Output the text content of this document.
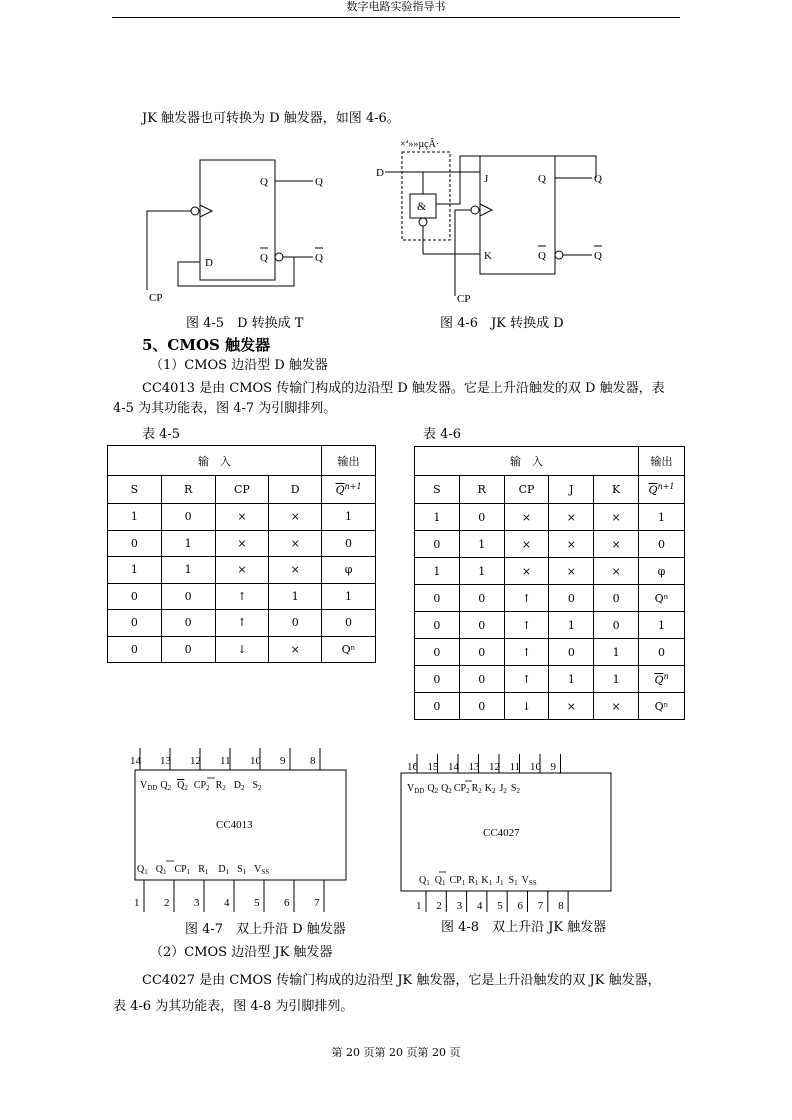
数字电路实验指导书
JK 触发器也可转换为 D 触发器，如图 4-6。
Q	Q
Q	Q
D
CP
图 4-5　D 转换成 T
×ª»»µçÂ·
D
&
J
K
Q	Q
Q	Q
CP
图 4-6　JK 转换成 D
5、CMOS 触发器
（1）CMOS 边沿型 D 触发器
CC4013 是由 CMOS 传输门构成的边沿型 D 触发器。它是上升沿触发的双 D 触发器，表
4-5 为其功能表，图 4-7 为引脚排列。
表 4-5	表 4-6
输　入				输出
S	R	CP	D	$\overline{Q}^{n+1}$
1	0	×	×	1
0	1	×	×	0
1	1	×	×	φ
0	0	↑	1	1
0	0	↑	0	0
0	0	↓	×	Qⁿ
输　入					输出
S	R	CP	J	K	$\overline{Q}^{n+1}$
1	0	×	×	×	1
0	1	×	×	×	0
1	1	×	×	×	φ
0	0	↑	0	0	Qⁿ
0	0	↑	1	0	1
0	0	↑	0	1	0
0	0	↑	1	1	$\overline{Q}^n$
0	0	↓	×	×	Qⁿ
14 13 12 11 10 9 8
1 2 3 4 5 6 7
$V_{DD}$ $Q_2$ $Q_2$ $CP_2$ $R_2$ $D_2$ $S_2$
CC4013
$Q_1$ $Q_1$ $CP_1$ $R_1$ $D_1$ $S_1$ $V_{SS}$
图 4-7　双上升沿 D 触发器
16 15 14 13 12 11 10 9
1 2 3 4 5 6 7 8
$V_{DD}$ $Q_2$ $Q_2$ $CP_2$ $R_2$ $K_2$ $J_2$ $S_2$
CC4027
$Q_1$ $Q_1$ $CP_1$ $R_1$ $K_1$ $J_1$ $S_1$ $V_{SS}$
图 4-8　双上升沿 JK 触发器
（2）CMOS 边沿型 JK 触发器
CC4027 是由 CMOS 传输门构成的边沿型 JK 触发器，它是上升沿触发的双 JK 触发器，
表 4-6 为其功能表，图 4-8 为引脚排列。
第 20 页第 20 页第 20 页
